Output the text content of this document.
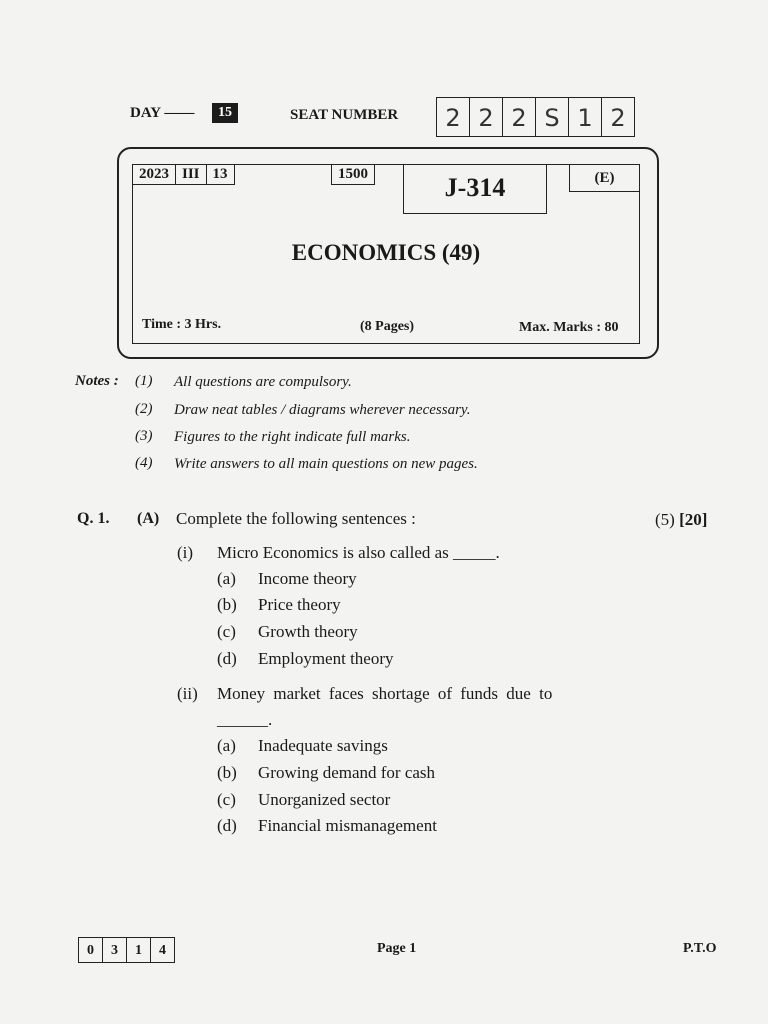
DAY ——	15	SEAT NUMBER	2 2 2 S 1 2
2023 III 13	1500	J-314	(E)
ECONOMICS (49)
Time : 3 Hrs.	(8 Pages)	Max. Marks : 80
Notes : (1) All questions are compulsory.
(2) Draw neat tables / diagrams wherever necessary.
(3) Figures to the right indicate full marks.
(4) Write answers to all main questions on new pages.
Q. 1. (A) Complete the following sentences :	(5) [20]
(i) Micro Economics is also called as _____.
(a) Income theory
(b) Price theory
(c) Growth theory
(d) Employment theory
(ii) Money market faces shortage of funds due to
______.
(a) Inadequate savings
(b) Growing demand for cash
(c) Unorganized sector
(d) Financial mismanagement
0	3	1	4	Page 1	P.T.O
